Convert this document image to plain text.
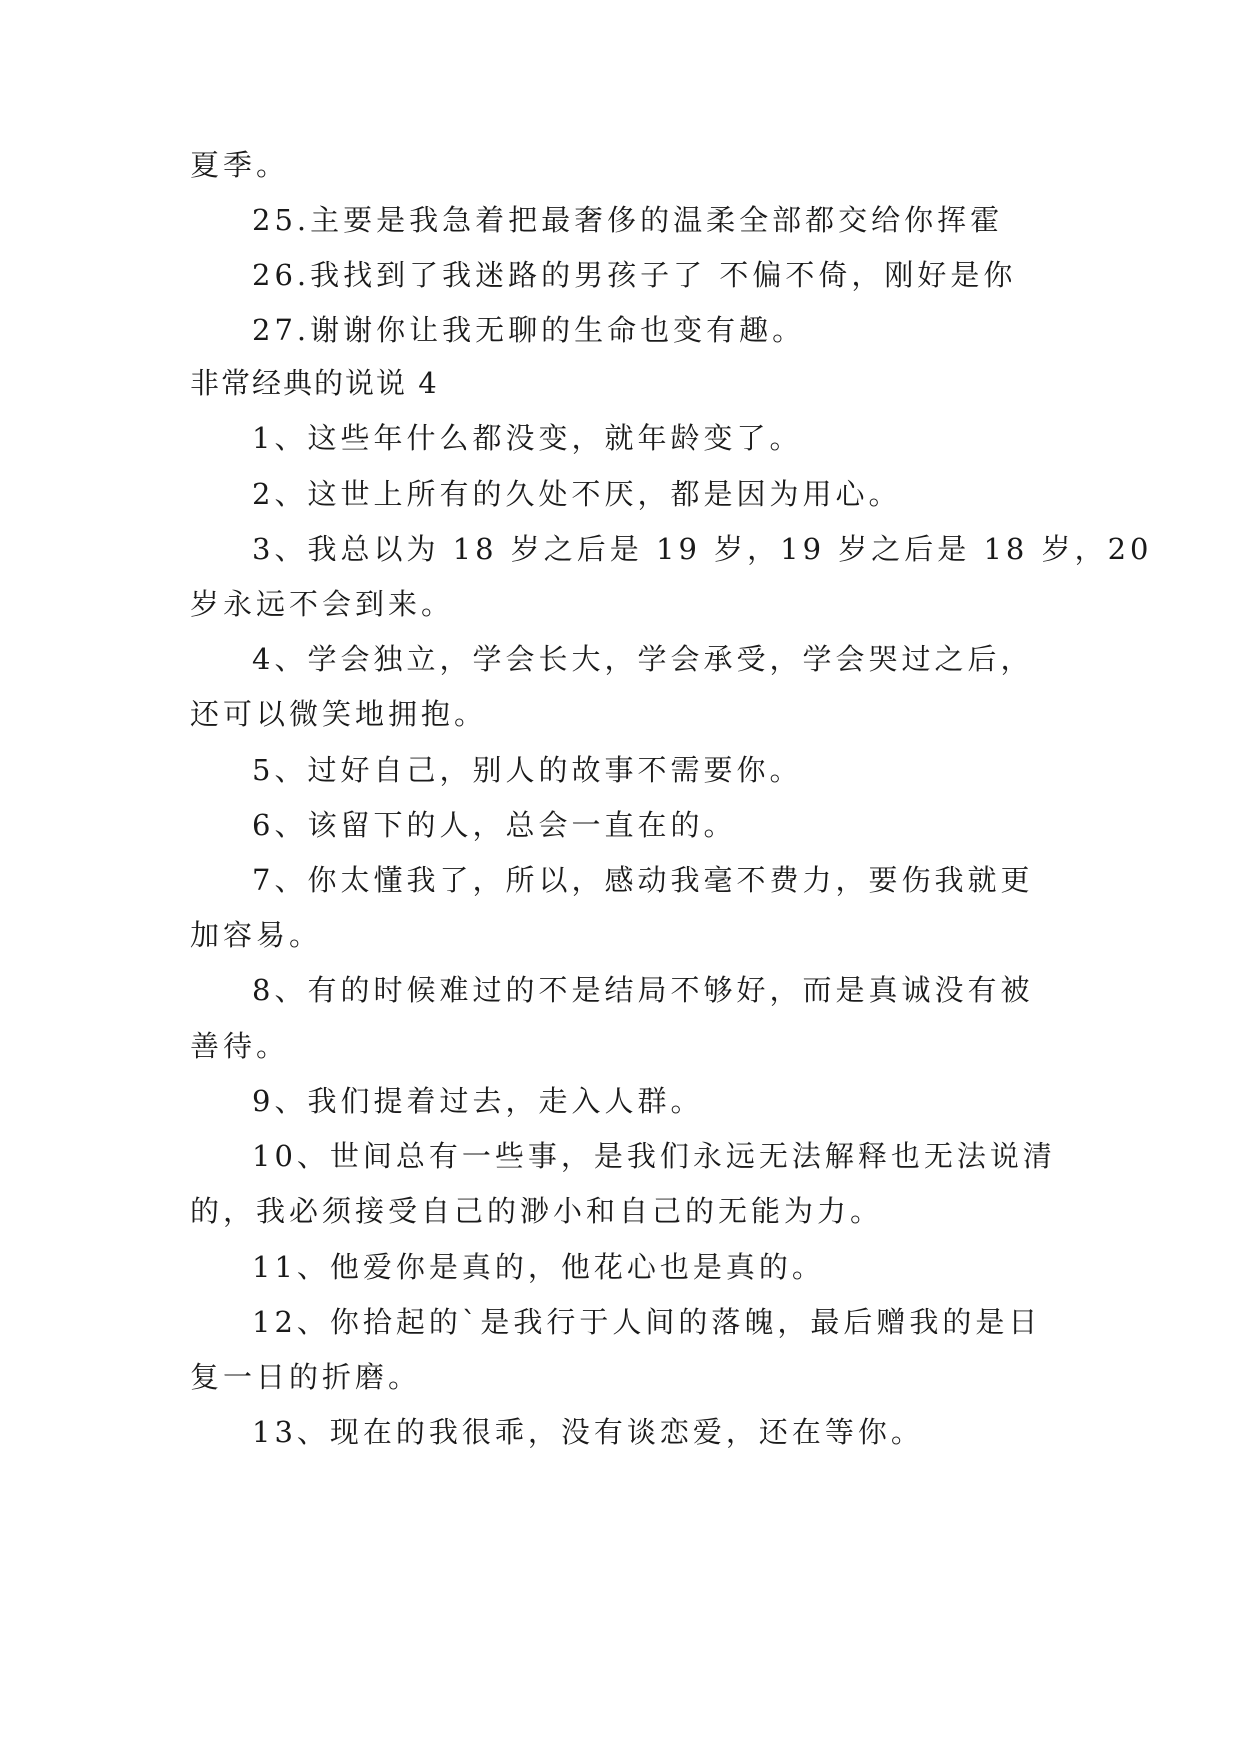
夏季。
25.主要是我急着把最奢侈的温柔全部都交给你挥霍
26.我找到了我迷路的男孩子了 不偏不倚，刚好是你
27.谢谢你让我无聊的生命也变有趣。
非常经典的说说 4
1、这些年什么都没变，就年龄变了。
2、这世上所有的久处不厌，都是因为用心。
3、我总以为 18 岁之后是 19 岁，19 岁之后是 18 岁，20
岁永远不会到来。
4、学会独立，学会长大，学会承受，学会哭过之后，
还可以微笑地拥抱。
5、过好自己，别人的故事不需要你。
6、该留下的人，总会一直在的。
7、你太懂我了，所以，感动我毫不费力，要伤我就更
加容易。
8、有的时候难过的不是结局不够好，而是真诚没有被
善待。
9、我们提着过去，走入人群。
10、世间总有一些事，是我们永远无法解释也无法说清
的，我必须接受自己的渺小和自己的无能为力。
11、他爱你是真的，他花心也是真的。
12、你拾起的`是我行于人间的落魄，最后赠我的是日
复一日的折磨。
13、现在的我很乖，没有谈恋爱，还在等你。
